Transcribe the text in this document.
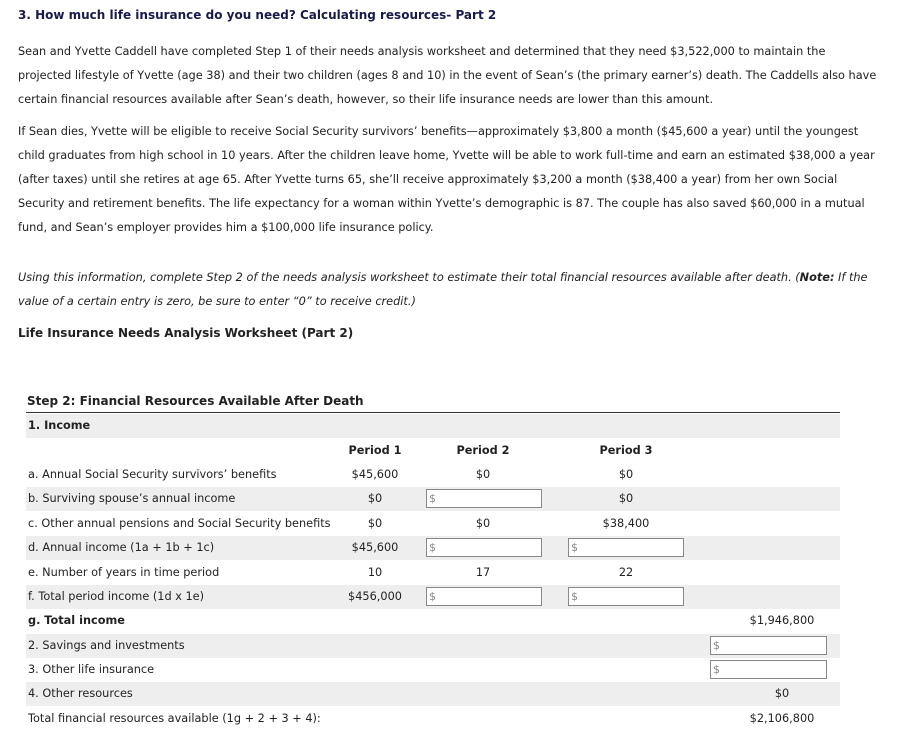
3. How much life insurance do you need? Calculating resources- Part 2
Sean and Yvette Caddell have completed Step 1 of their needs analysis worksheet and determined that they need $3,522,000 to maintain the projected lifestyle of Yvette (age 38) and their two children (ages 8 and 10) in the event of Sean’s (the primary earner’s) death. The Caddells also have certain financial resources available after Sean’s death, however, so their life insurance needs are lower than this amount.
If Sean dies, Yvette will be eligible to receive Social Security survivors’ benefits—approximately $3,800 a month ($45,600 a year) until the youngest child graduates from high school in 10 years. After the children leave home, Yvette will be able to work full-time and earn an estimated $38,000 a year (after taxes) until she retires at age 65. After Yvette turns 65, she’ll receive approximately $3,200 a month ($38,400 a year) from her own Social Security and retirement benefits. The life expectancy for a woman within Yvette’s demographic is 87. The couple has also saved $60,000 in a mutual fund, and Sean’s employer provides him a $100,000 life insurance policy.
Using this information, complete Step 2 of the needs analysis worksheet to estimate their total financial resources available after death. (Note: If the value of a certain entry is zero, be sure to enter “0” to receive credit.)
Life Insurance Needs Analysis Worksheet (Part 2)
Step 2: Financial Resources Available After Death
1. Income
Period 1	Period 2	Period 3
a. Annual Social Security survivors’ benefits	$45,600	$0	$0
b. Surviving spouse’s annual income	$0	$	$0
c. Other annual pensions and Social Security benefits	$0	$0	$38,400
d. Annual income (1a + 1b + 1c)	$45,600	$	$
e. Number of years in time period	10	17	22
f. Total period income (1d x 1e)	$456,000	$	$
g. Total income	$1,946,800
2. Savings and investments	$
3. Other life insurance	$
4. Other resources	$0
Total financial resources available (1g + 2 + 3 + 4):	$2,106,800
